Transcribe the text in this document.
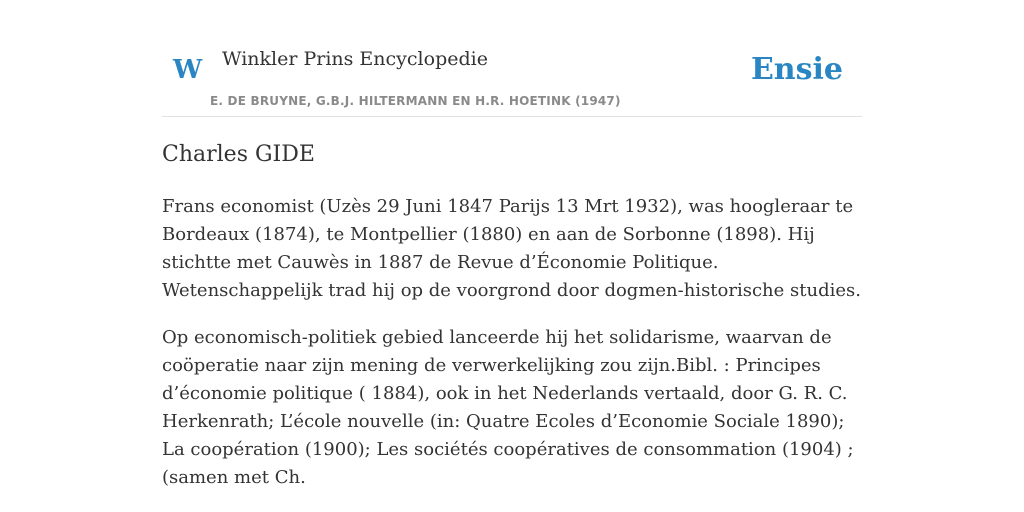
W Winkler Prins Encyclopedie
E. DE BRUYNE, G.B.J. HILTERMANN EN H.R. HOETINK (1947)
Ensie
Charles GIDE

Frans economist (Uzès 29 Juni 1847 Parijs 13 Mrt 1932), was hoogleraar te Bordeaux (1874), te Montpellier (1880) en aan de Sorbonne (1898). Hij stichtte met Cauwès in 1887 de Revue d’Économie Politique. Wetenschappelijk trad hij op de voorgrond door dogmen-historische studies.

Op economisch-politiek gebied lanceerde hij het solidarisme, waarvan de coöperatie naar zijn mening de verwerkelijking zou zijn.Bibl. : Principes d’économie politique ( 1884), ook in het Nederlands vertaald, door G. R. C. Herkenrath; L’école nouvelle (in: Quatre Ecoles d’Economie Sociale 1890); La coopération (1900); Les sociétés coopératives de consommation (1904) ; (samen met Ch.
